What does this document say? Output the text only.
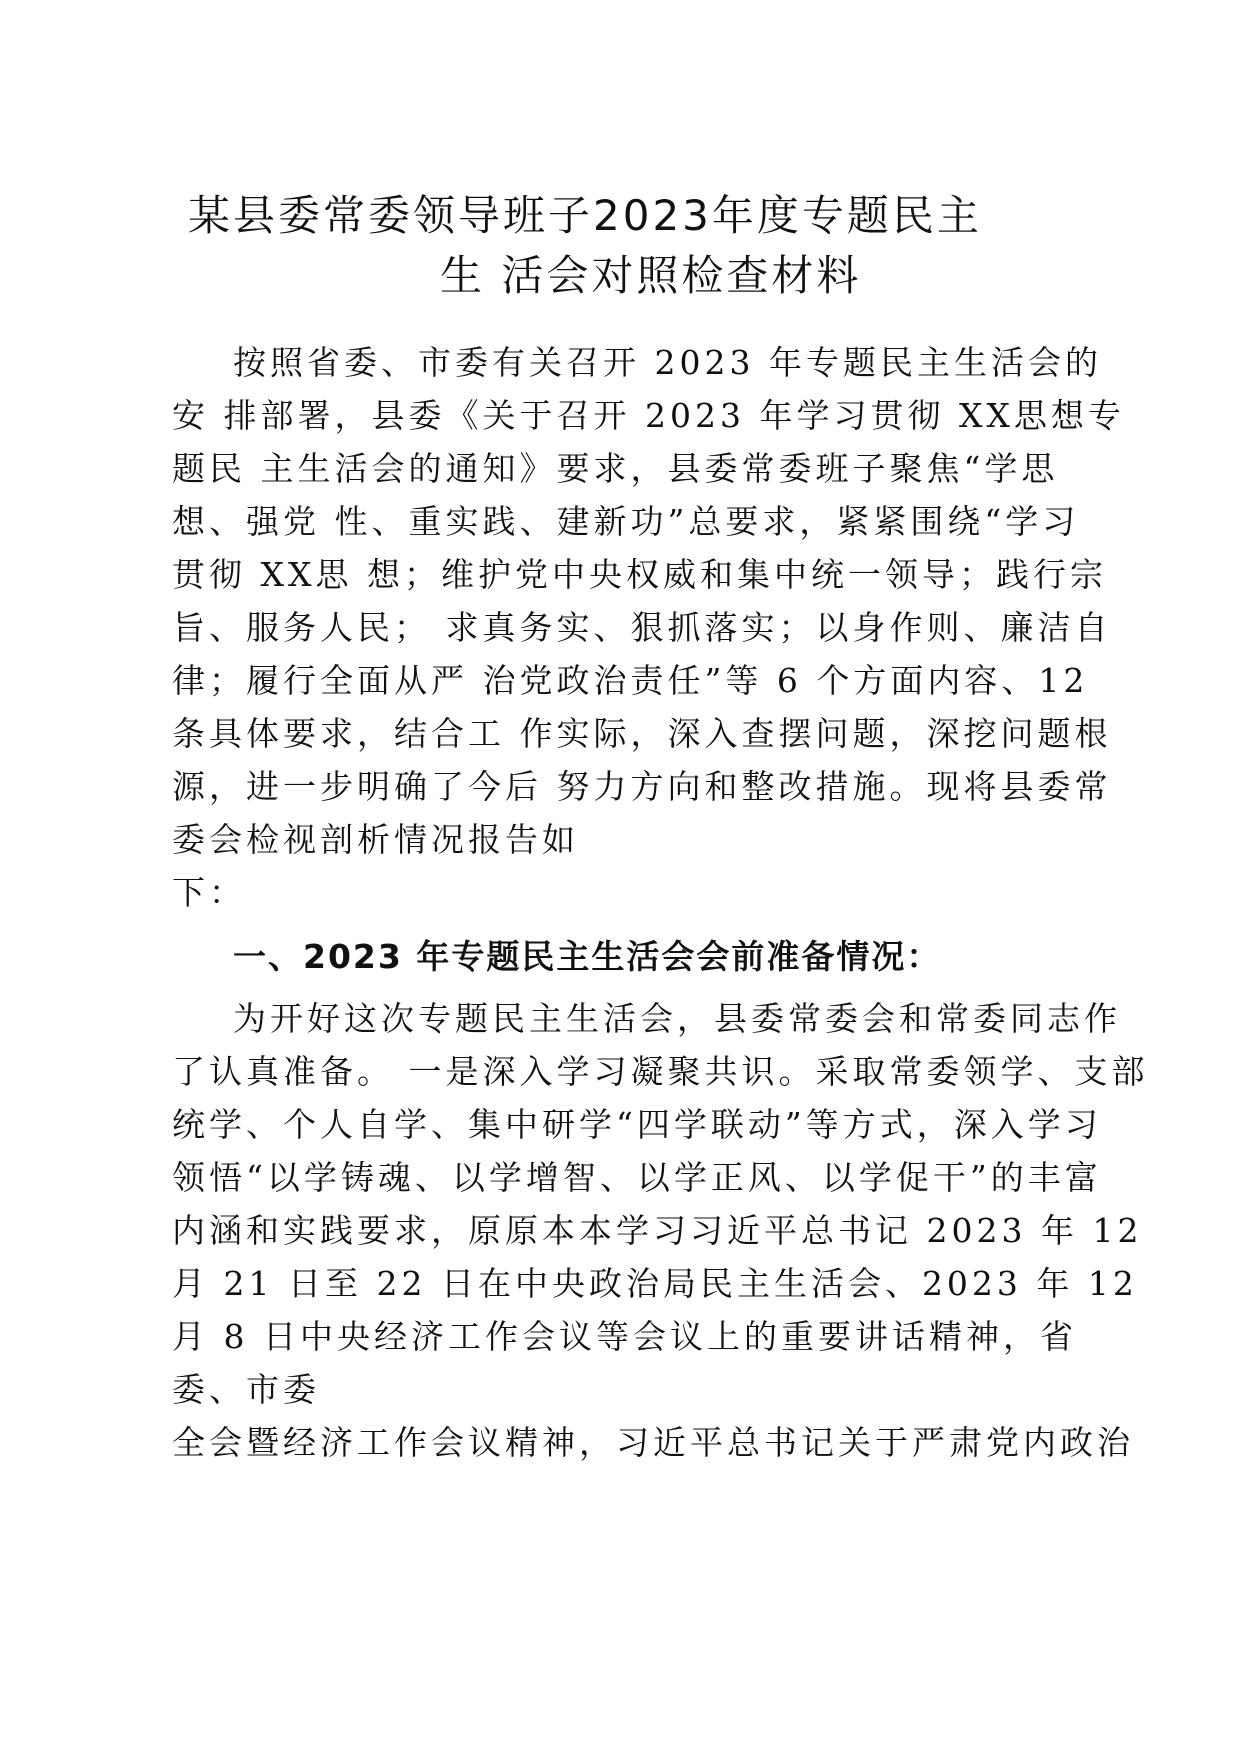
某县委常委领导班子2023年度专题民主
生 活会对照检查材料
按照省委、市委有关召开 2023 年专题民主生活会的
安 排部署，县委《关于召开 2023 年学习贯彻 XX思想专
题民 主生活会的通知》要求，县委常委班子聚焦“学思
想、强党 性、重实践、建新功”总要求，紧紧围绕“学习
贯彻 XX思 想；维护党中央权威和集中统一领导；践行宗
旨、服务人民； 求真务实、狠抓落实；以身作则、廉洁自
律；履行全面从严 治党政治责任”等 6 个方面内容、12
条具体要求，结合工 作实际，深入查摆问题，深挖问题根
源，进一步明确了今后 努力方向和整改措施。现将县委常
委会检视剖析情况报告如
下：
一、2023 年专题民主生活会会前准备情况：
为开好这次专题民主生活会，县委常委会和常委同志作
了认真准备。 一是深入学习凝聚共识。采取常委领学、支部
统学、个人自学、集中研学“四学联动”等方式，深入学习
领悟“以学铸魂、以学增智、以学正风、以学促干”的丰富
内涵和实践要求，原原本本学习习近平总书记 2023 年 12
月 21 日至 22 日在中央政治局民主生活会、2023 年 12
月 8 日中央经济工作会议等会议上的重要讲话精神，省
委、市委
全会暨经济工作会议精神，习近平总书记关于严肃党内政治
